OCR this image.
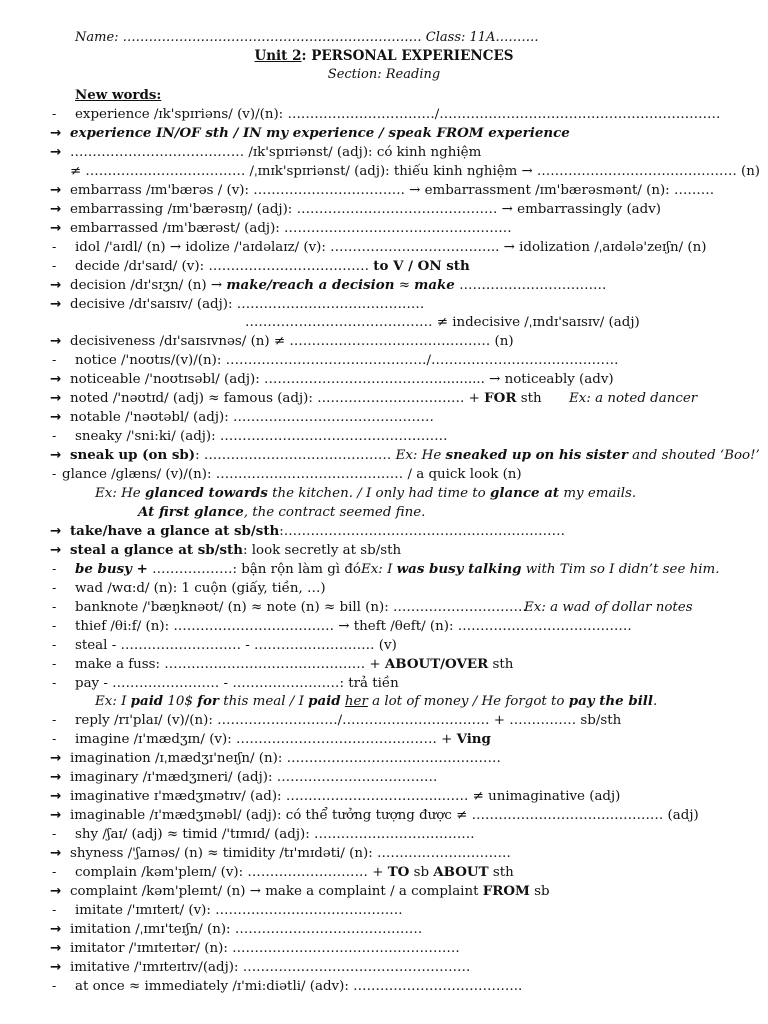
Name: …………………………………………………………… Class: 11A……….
Unit 2: PERSONAL EXPERIENCES
Section: Reading
New words:
-	experience /ɪk'spɪriəns/ (v)/(n): ……………………………/………………………………………………………
→ experience IN/OF sth / IN my experience / speak FROM experience
→ ………………………………… /ɪk'spɪriənst/ (adj): có kinh nghiệm
≠ ……………………………… /ˌɪnɪk'spɪriənst/ (adj): thiếu kinh nghiệm → ……………………………………… (n)
→ embarrass /ɪm'bærəs / (v): ……………………………. → embarrassment /ɪm'bærəsmənt/ (n): ………
→ embarrassing /ɪm'bærəsɪŋ/ (adj): ……………………………………… → embarrassingly (adv)
→ embarrassed /ɪm'bærəst/ (adj): ……………………………………………
-	idol /'aɪdl/ (n) → idolize /'aɪdəlaɪz/ (v): ……………………………….. → idolization /ˌaɪdələ'zeɪʃn/ (n)
-	decide /dɪ'saɪd/ (v): ……………………………… to V / ON sth
→ decision /dɪ'sɪʒn/ (n) → make/reach a decision ≈ make ……………………………
→ decisive /dɪ'saɪsɪv/ (adj): ……………………………………
…………………………………… ≠ indecisive /ˌɪndɪ'saɪsɪv/ (adj)
→ decisiveness /dɪ'saɪsɪvnəs/ (n) ≠ ……………………………………… (n)
-	notice /'noʊtɪs/(v)/(n): ………………………………………/……………………………………
→ noticeable /'noʊtɪsəbl/ (adj): …………………………………........... → noticeably (adv)
→ noted /'nəʊtɪd/ (adj) ≈ famous (adj): …………………………… + FOR sth Ex: a noted dancer
→ notable /'nəʊtəbl/ (adj): ………………………………………
-	sneaky /'sni:ki/ (adj): ……………………………………………
→ sneak up (on sb): …………………………………… Ex: He sneaked up on his sister and shouted ‘Boo!’
- glance /glæns/ (v)/(n): …………………………………… / a quick look (n)
Ex: He glanced towards the kitchen. / I only had time to glance at my emails.
At first glance, the contract seemed fine.
→ take/have a glance at sb/sth:………………………………………………………
→ steal a glance at sb/sth: look secretly at sb/sth
-	be busy + ………………: bận rộn làm gì đóEx: I was busy talking with Tim so I didn’t see him.
-	wad /wɑ:d/ (n): 1 cuộn (giấy, tiền, …)
-	banknote /'bæŋknəʊt/ (n) ≈ note (n) ≈ bill (n): …………………………
Ex: a wad of dollar notes
-	thief /θi:f/ (n): ……………………………… → theft /θeft/ (n): …………………………………
-	steal - ……………………… - ……………………… (v)
-	make a fuss: ……………………………………… + ABOUT/OVER sth
-	pay - …………………… - ……………………: trả tiền
Ex: I paid 10$ for this meal / I paid her a lot of money / He forgot to pay the bill.
-	reply /rɪ'plaɪ/ (v)/(n): ………………………/…………………………… + …………… sb/sth
-	imagine /ɪ'mædʒɪn/ (v): ……………………………………… + Ving
→ imagination /ɪˌmædʒɪ'neɪʃn/ (n): …………………………………………
→ imaginary /ɪ'mædʒɪneri/ (adj): ………………………………
→ imaginative ɪ'mædʒɪnətɪv/ (ad): ……………………………..…… ≠ unimaginative (adj)
→ imaginable /ɪ'mædʒɪnəbl/ (adj): có thể tưởng tượng được ≠ ………………………….………… (adj)
-	shy /ʃaɪ/ (adj) ≈ timid /'tɪmɪd/ (adj): ………………………………
→ shyness /'ʃaɪnəs/ (n) ≈ timidity /tɪ'mɪdəti/ (n): …………………………
-	complain /kəm'pleɪn/ (v): ……………………… + TO sb ABOUT sth
→ complaint /kəm'pleɪnt/ (n) → make a complaint / a complaint FROM sb
-	imitate /'ɪmɪteɪt/ (v): ……………………………………
→ imitation /ˌɪmɪ'teɪʃn/ (n): ……………………………………
→ imitator /'ɪmɪteɪtər/ (n): ……………………………………………
→ imitative /'ɪmɪteɪtɪv/(adj): ……………………………………………
-	at once ≈ immediately /ɪ'mi:diətli/ (adv): ………………………………..
